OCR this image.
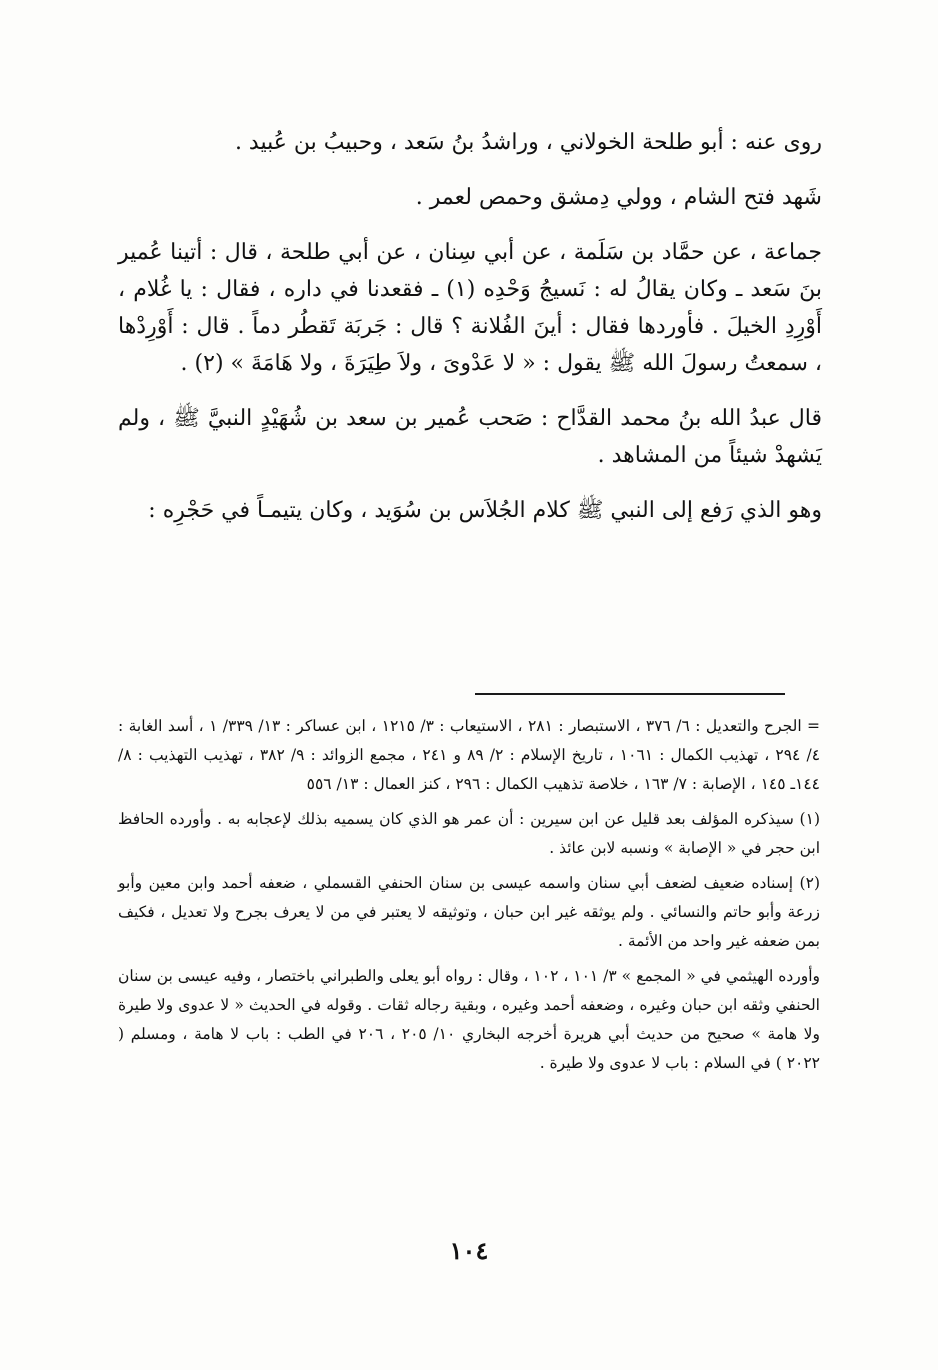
روى عنه : أبو طلحة الخولاني ، وراشدُ بنُ سَعد ، وحبيبُ بن عُبيد .

شَهد فتح الشام ، وولي دِمشق وحمص لعمر .

جماعة ، عن حمَّاد بن سَلَمة ، عن أبي سِنان ، عن أبي طلحة ، قال : أتينا عُمير بنَ سَعد ـ وكان يقالُ له : نَسيجُ وَحْدِه (١) ـ فقعدنا في داره ، فقال : يا غُلام ، أَوْرِدِ الخيلَ . فأوردها فقال : أينَ الفُلانة ؟ قال : جَربَة تَقطُر دماً . قال : أَوْرِدْها ، سمعتُ رسولَ الله ﷺ يقول : « لا عَدْوىَ ، ولاَ طِيَرَةَ ، ولا هَامَةَ » (٢) .

قال عبدُ الله بنُ محمد القدَّاح : صَحب عُمير بن سعد بن شُهَيْدٍ النبيَّ ﷺ ، ولم يَشهدْ شيئاً من المشاهد .

وهو الذي رَفع إلى النبي ﷺ كلام الجُلاَس بن سُوَيد ، وكان يتيمـاً في حَجْرِه :

= الجرح والتعديل : ٦/ ٣٧٦ ، الاستبصار : ٢٨١ ، الاستيعاب : ٣/ ١٢١٥ ، ابن عساكر : ١٣/ ٣٣٩/ ١ ، أسد الغابة : ٤/ ٢٩٤ ، تهذيب الكمال : ١٠٦١ ، تاريخ الإسلام : ٢/ ٨٩ و ٢٤١ ، مجمع الزوائد : ٩/ ٣٨٢ ، تهذيب التهذيب : ٨/ ١٤٤ـ ١٤٥ ، الإصابة : ٧/ ١٦٣ ، خلاصة تذهيب الكمال : ٢٩٦ ، كنز العمال : ١٣/ ٥٥٦

(١) سيذكره المؤلف بعد قليل عن ابن سيرين : أن عمر هو الذي كان يسميه بذلك لإعجابه به . وأورده الحافظ ابن حجر في « الإصابة » ونسبه لابن عائذ .

(٢) إسناده ضعيف لضعف أبي سنان واسمه عيسى بن سنان الحنفي القسملي ، ضعفه أحمد وابن معين وأبو زرعة وأبو حاتم والنسائي . ولم يوثقه غير ابن حبان ، وتوثيقه لا يعتبر في من لا يعرف بجرح ولا تعديل ، فكيف بمن ضعفه غير واحد من الأئمة .

وأورده الهيثمي في « المجمع » ٣/ ١٠١ ، ١٠٢ ، وقال : رواه أبو يعلى والطبراني باختصار ، وفيه عيسى بن سنان الحنفي وثقه ابن حبان وغيره ، وضعفه أحمد وغيره ، وبقية رجاله ثقات . وقوله في الحديث « لا عدوى ولا طيرة ولا هامة » صحيح من حديث أبي هريرة أخرجه البخاري ١٠/ ٢٠٥ ، ٢٠٦ في الطب : باب لا هامة ، ومسلم ( ٢٠٢٢ ) في السلام : باب لا عدوى ولا طيرة .

١٠٤
